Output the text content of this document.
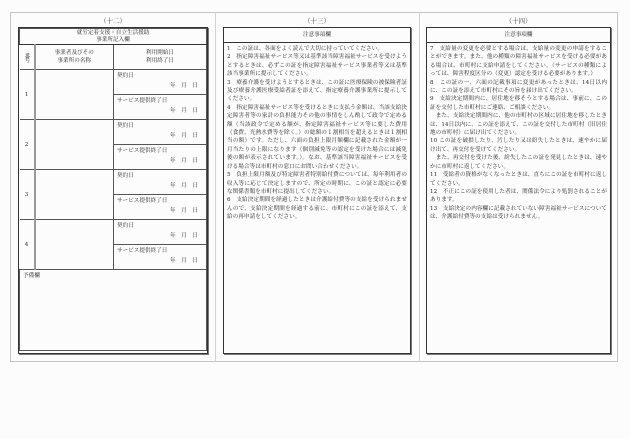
（十二）
就労定着支援・自立生活援助
事業所記入欄		

番号	事業者及びその
事業所の名称

利用開始日
利用終了日

1		契約日
年　月　日

		サービス提供終了日
年　月　日

2		契約日
年　月　日

		サービス提供終了日
年　月　日

3		契約日
年　月　日

		サービス提供終了日
年　月　日

4		契約日
年　月　日

		サービス提供終了日
年　月　日

予備欄		
（十三）
注意事項欄

1　この証は、各面をよく読んで大切に持っていてください。

2　指定障害福祉サービス等又は基準該当障害福祉サービスを受けようとするときは、必ずこの証を指定障害福祉サービス事業者等又は基準該当事業所に提示してください。

3　療養介護を受けようとするときは、この証に医療保険の被保険者証及び療養介護医療受給者証を添えて、指定療養介護事業所に提示してください。

4　指定障害福祉サービス等を受けるときに支払う金額は、当該支給決定障害者等の家計の負担能力その他の事情をしん酌して政令で定める額（当該政令で定める額が、指定障害福祉サービス等に要した費用（食費、光熱水費等を除く。）の総額の１割相当を超えるときは１割相当の額）です。ただし、六面の負担上限月額欄に記載された金額が一月当たりの上限になります（個別減免等の認定を受けた場合には減免後の額が表示されています。）。なお、基準該当障害福祉サービスを受ける場合等は市町村の窓口にお問い合わせください。

5　負担上限月額及び特定障害者特別給付費については、毎年利用者の収入等に応じて決定しますので、所定の時期に、この証と認定に必要な関係書類を市町村に提出してください。

6　支給決定期間を経過したときは介護給付費等の支給を受けられませんので、支給決定期間を経過する前に、市町村にこの証を添えて、支給の再申請をしてください。

（十四）
注意事項欄

7　支給量の変更を必要とする場合は、支給量の変更の申請をすることができます。また、他の種類の障害福祉サービスを受ける必要がある場合は、市町村に支給申請をしてください。（サービスの種類によっては、障害程度区分の（変更）認定を受ける必要があります。）

8　この証の一、六面の記載事項に変更があったときは、14日以内に、この証を添えて市町村にその旨を届け出てください。

9　支給決定期間内に、居住地を移そうとする場合は、事前に、この証を交付した市町村にご連絡、ご相談ください。

　また、支給決定期間内に、他の市町村の区域に居住地を移したときは、14日以内に、この証を添えて、この証を交付した市町村（旧居住地の市町村）に届け出てください。

10 この証を破損したり、汚したり又は紛失したときは、速やかに届け出て、再交付を受けてください。

　また、再交付を受けた後、紛失したこの証を発見したときは、速やかに市町村に返してください。

11　受給者の資格がなくなったときは、直ちにこの証を市町村に返してください。

12　不正にこの証を使用した者は、関係法令により処罰されることがあります。

13　支給決定の内容欄に記載されていない障害福祉サービスについては、介護給付費等の支給は受けられません。
